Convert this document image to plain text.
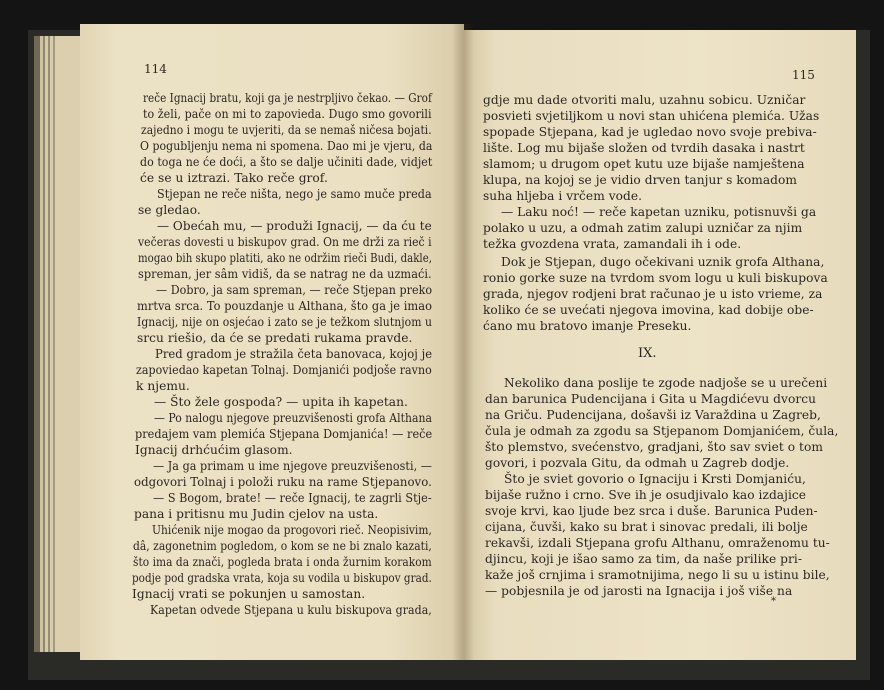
114	115
reče Ignacij bratu, koji ga je nestrpljivo čekao. — Grof
to želi, pače on mi to zapovieda. Dugo smo govorili
zajedno i mogu te uvjeriti, da se nemaš ničesa bojati.
O pogubljenju nema ni spomena. Dao mi je vjeru, da
do toga ne će doći, a što se dalje učiniti dade, vidjet
će se u iztrazi. Tako reče grof.
Stjepan ne reče ništa, nego je samo muče preda
se gledao.
— Obećah mu, — produži Ignacij, — da ću te
večeras dovesti u biskupov grad. On me drži za rieč i
mogao bih skupo platiti, ako ne održim rieči Budi, dakle,
spreman, jer sâm vidiš, da se natrag ne da uzmaći.
— Dobro, ja sam spreman, — reče Stjepan preko
mrtva srca. To pouzdanje u Althana, što ga je imao
Ignacij, nije on osjećao i zato se je težkom slutnjom u
srcu riešio, da će se predati rukama pravde.
Pred gradom je stražila četa banovaca, kojoj je
zapoviedao kapetan Tolnaj. Domjanići podjoše ravno
k njemu.
— Što žele gospoda? — upita ih kapetan.
— Po nalogu njegove preuzvišenosti grofa Althana
predajem vam plemića Stjepana Domjanića! — reče
Ignacij drhćućim glasom.
— Ja ga primam u ime njegove preuzvišenosti, —
odgovori Tolnaj i položi ruku na rame Stjepanovo.
— S Bogom, brate! — reče Ignacij, te zagrli Stje-
pana i pritisnu mu Judin cjelov na usta.
Uhićenik nije mogao da progovori rieč. Neopisivim,
dâ, zagonetnim pogledom, o kom se ne bi znalo kazati,
što ima da znači, pogleda brata i onda žurnim korakom
podje pod gradska vrata, koja su vodila u biskupov grad.
Ignacij vrati se pokunjen u samostan.
Kapetan odvede Stjepana u kulu biskupova grada,
gdje mu dade otvoriti malu, uzahnu sobicu. Uzničar
posvieti svjetiljkom u novi stan uhićena plemića. Užas
spopade Stjepana, kad je ugledao novo svoje prebiva-
lište. Log mu bijaše složen od tvrdih dasaka i nastrt
slamom; u drugom opet kutu uze bijaše namještena
klupa, na kojoj se je vidio drven tanjur s komadom
suha hljeba i vrčem vode.
— Laku noć! — reče kapetan uzniku, potisnuvši ga
polako u uzu, a odmah zatim zalupi uzničar za njim
težka gvozdena vrata, zamandali ih i ode.
Dok je Stjepan, dugo očekivani uznik grofa Althana,
ronio gorke suze na tvrdom svom logu u kuli biskupova
grada, njegov rodjeni brat računao je u isto vrieme, za
koliko će se uvećati njegova imovina, kad dobije obe-
ćano mu bratovo imanje Preseku.
IX.
Nekoliko dana poslije te zgode nadjoše se u urečeni
dan barunica Pudencijana i Gita u Magdićevu dvorcu
na Griču. Pudencijana, došavši iz Varaždina u Zagreb,
čula je odmah za zgodu sa Stjepanom Domjanićem, čula,
što plemstvo, svećenstvo, gradjani, što sav sviet o tom
govori, i pozvala Gitu, da odmah u Zagreb dodje.
Što je sviet govorio o Ignaciju i Krsti Domjaniću,
bijaše ružno i crno. Sve ih je osudjivalo kao izdajice
svoje krvi, kao ljude bez srca i duše. Barunica Puden-
cijana, čuvši, kako su brat i sinovac predali, ili bolje
rekavši, izdali Stjepana grofu Althanu, omraženomu tu-
djincu, koji je išao samo za tim, da naše prilike pri-
kaže još crnjima i sramotnijima, nego li su u istinu bile,
— pobjesnila je od jarosti na Ignacija i još više na
*
